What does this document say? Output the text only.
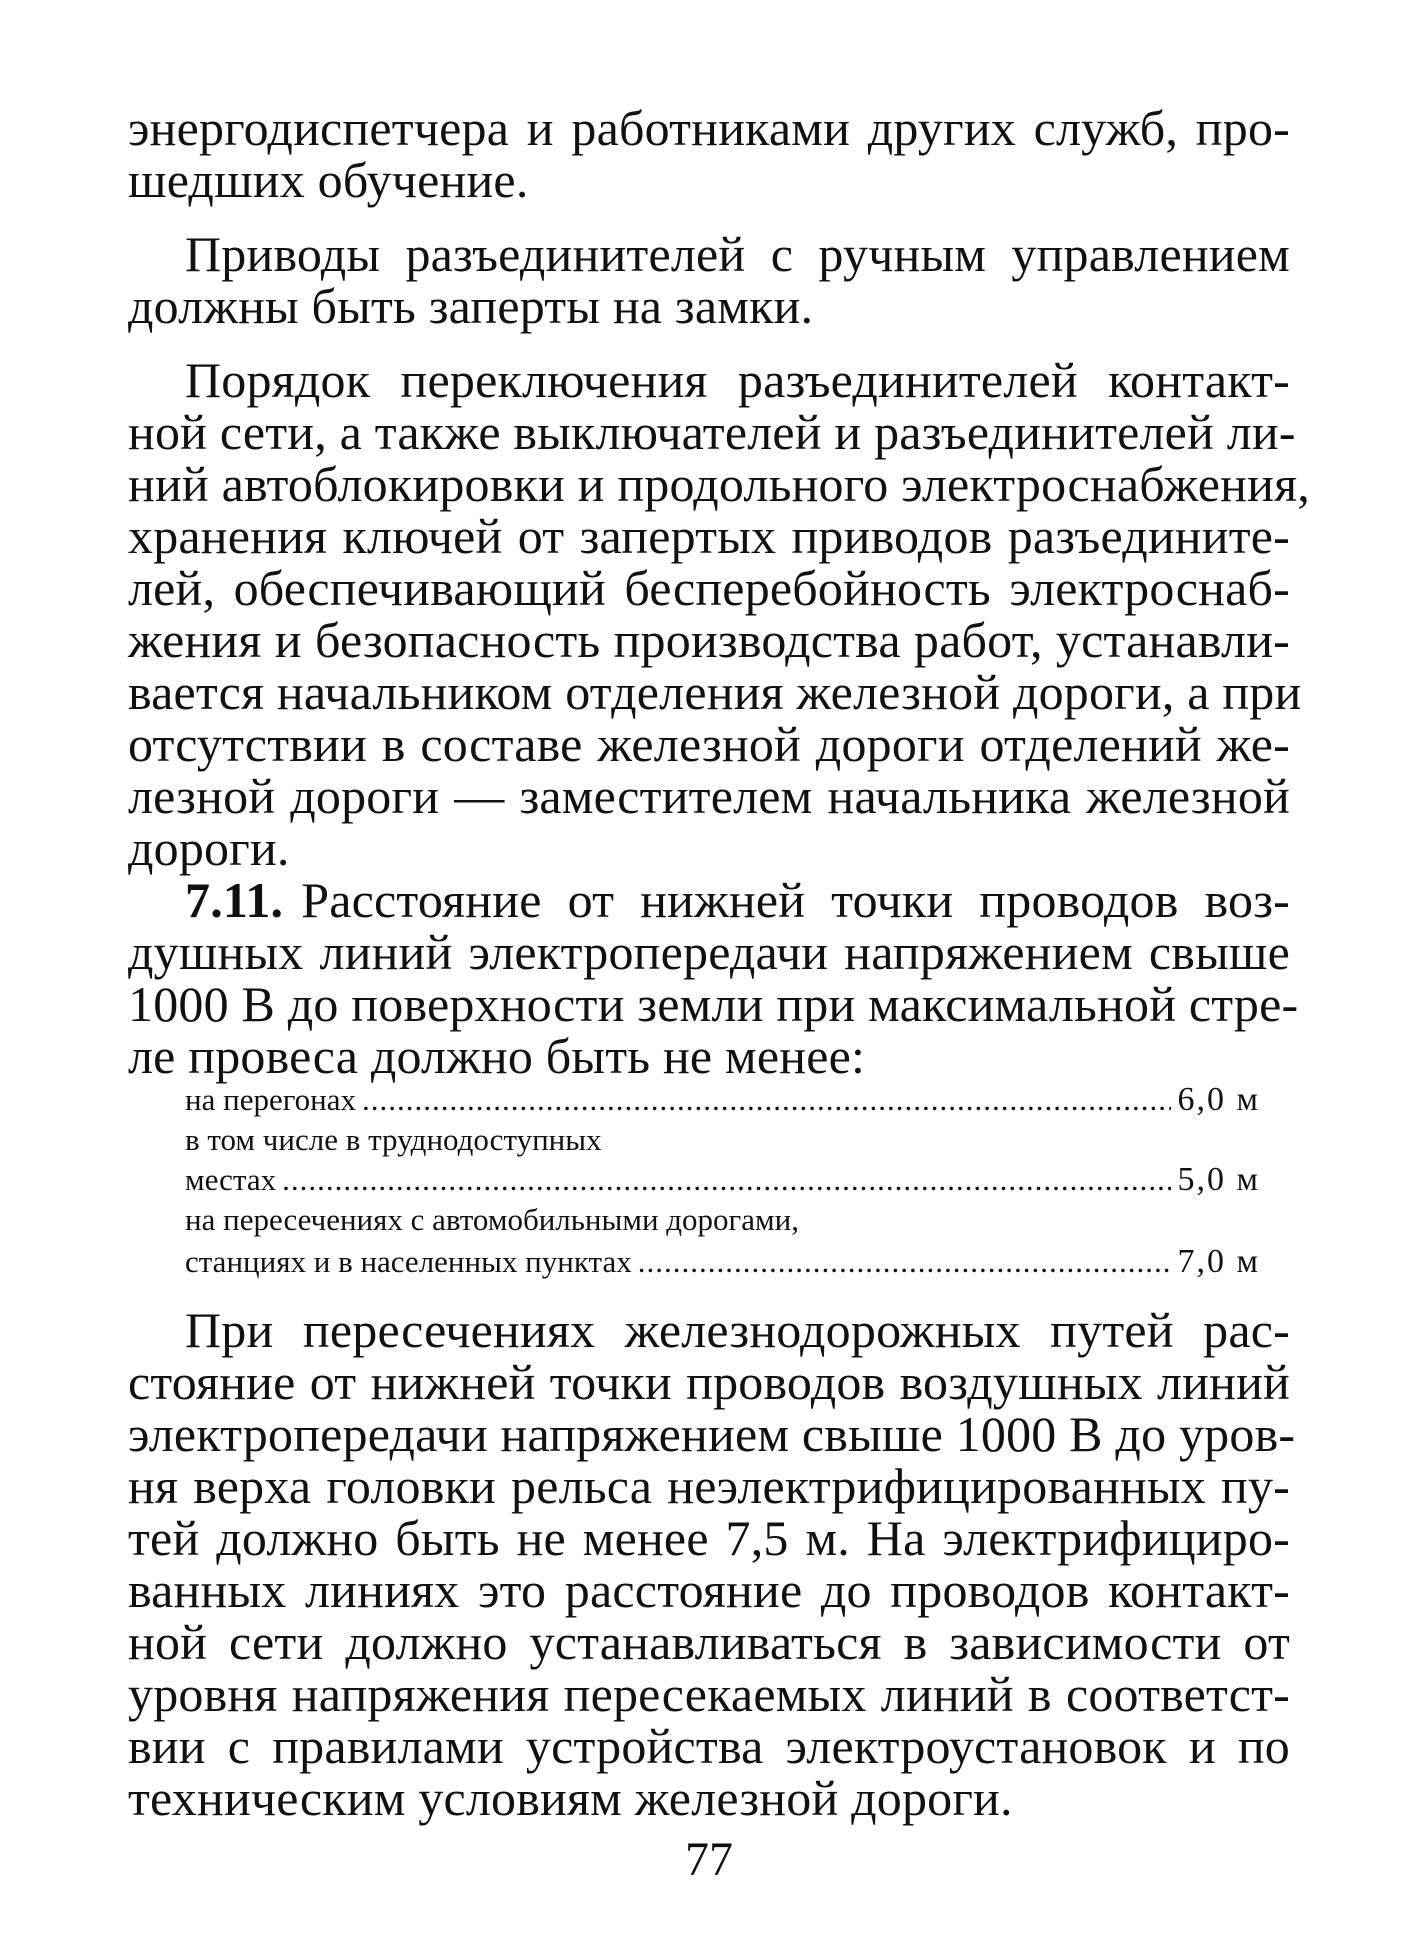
энергодиспетчера и работниками других служб, про-
шедших обучение.
Приводы разъединителей с ручным управлением
должны быть заперты на замки.
Порядок переключения разъединителей контакт-
ной сети, а также выключателей и разъединителей ли-
ний автоблокировки и продольного электроснабжения,
хранения ключей от запертых приводов разъедините-
лей, обеспечивающий бесперебойность электроснаб-
жения и безопасность производства работ, устанавли-
вается начальником отделения железной дороги, а при
отсутствии в составе железной дороги отделений же-
лезной дороги — заместителем начальника железной
дороги.
7.11. Расстояние от нижней точки проводов воз-
душных линий электропередачи напряжением свыше
1000 В до поверхности земли при максимальной стре-
ле провеса должно быть не менее:
на перегонах .....	6,0 м
в том числе в труднодоступных
местах .....	5,0 м
на пересечениях с автомобильными дорогами,
станциях и в населенных пунктах .....	7,0 м
При пересечениях железнодорожных путей рас-
стояние от нижней точки проводов воздушных линий
электропередачи напряжением свыше 1000 В до уров-
ня верха головки рельса неэлектрифицированных пу-
тей должно быть не менее 7,5 м. На электрифициро-
ванных линиях это расстояние до проводов контакт-
ной сети должно устанавливаться в зависимости от
уровня напряжения пересекаемых линий в соответст-
вии с правилами устройства электроустановок и по
техническим условиям железной дороги.
77
